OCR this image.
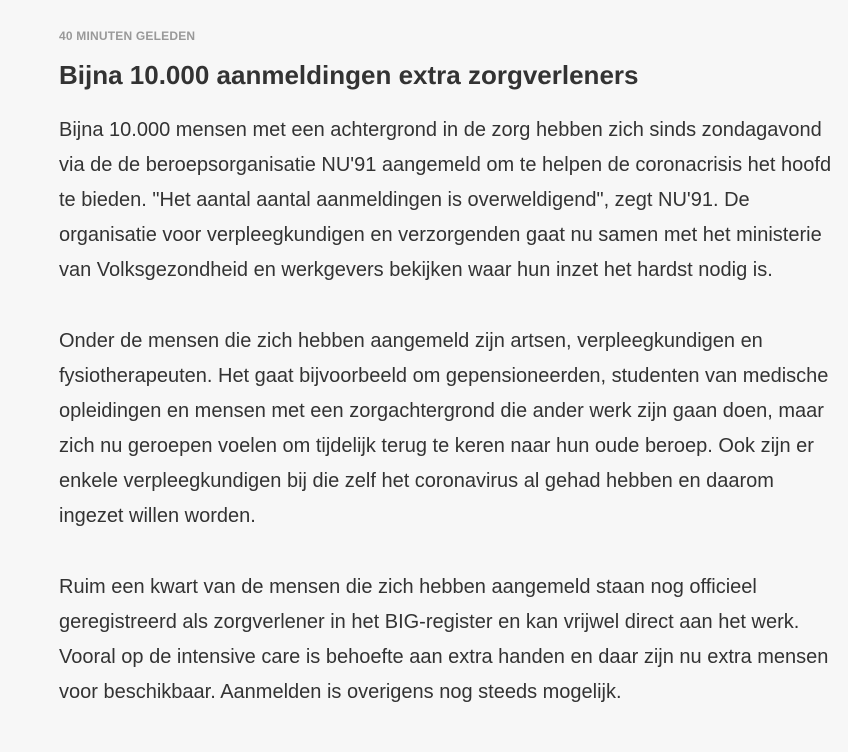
40 MINUTEN GELEDEN
Bijna 10.000 aanmeldingen extra zorgverleners

Bijna 10.000 mensen met een achtergrond in de zorg hebben zich sinds zondagavond via de de beroepsorganisatie NU'91 aangemeld om te helpen de coronacrisis het hoofd te bieden. "Het aantal aantal aanmeldingen is overweldigend", zegt NU'91. De organisatie voor verpleegkundigen en verzorgenden gaat nu samen met het ministerie van Volksgezondheid en werkgevers bekijken waar hun inzet het hardst nodig is.

Onder de mensen die zich hebben aangemeld zijn artsen, verpleegkundigen en fysiotherapeuten. Het gaat bijvoorbeeld om gepensioneerden, studenten van medische opleidingen en mensen met een zorgachtergrond die ander werk zijn gaan doen, maar zich nu geroepen voelen om tijdelijk terug te keren naar hun oude beroep. Ook zijn er enkele verpleegkundigen bij die zelf het coronavirus al gehad hebben en daarom ingezet willen worden.

Ruim een kwart van de mensen die zich hebben aangemeld staan nog officieel geregistreerd als zorgverlener in het BIG-register en kan vrijwel direct aan het werk. Vooral op de intensive care is behoefte aan extra handen en daar zijn nu extra mensen voor beschikbaar. Aanmelden is overigens nog steeds mogelijk.
